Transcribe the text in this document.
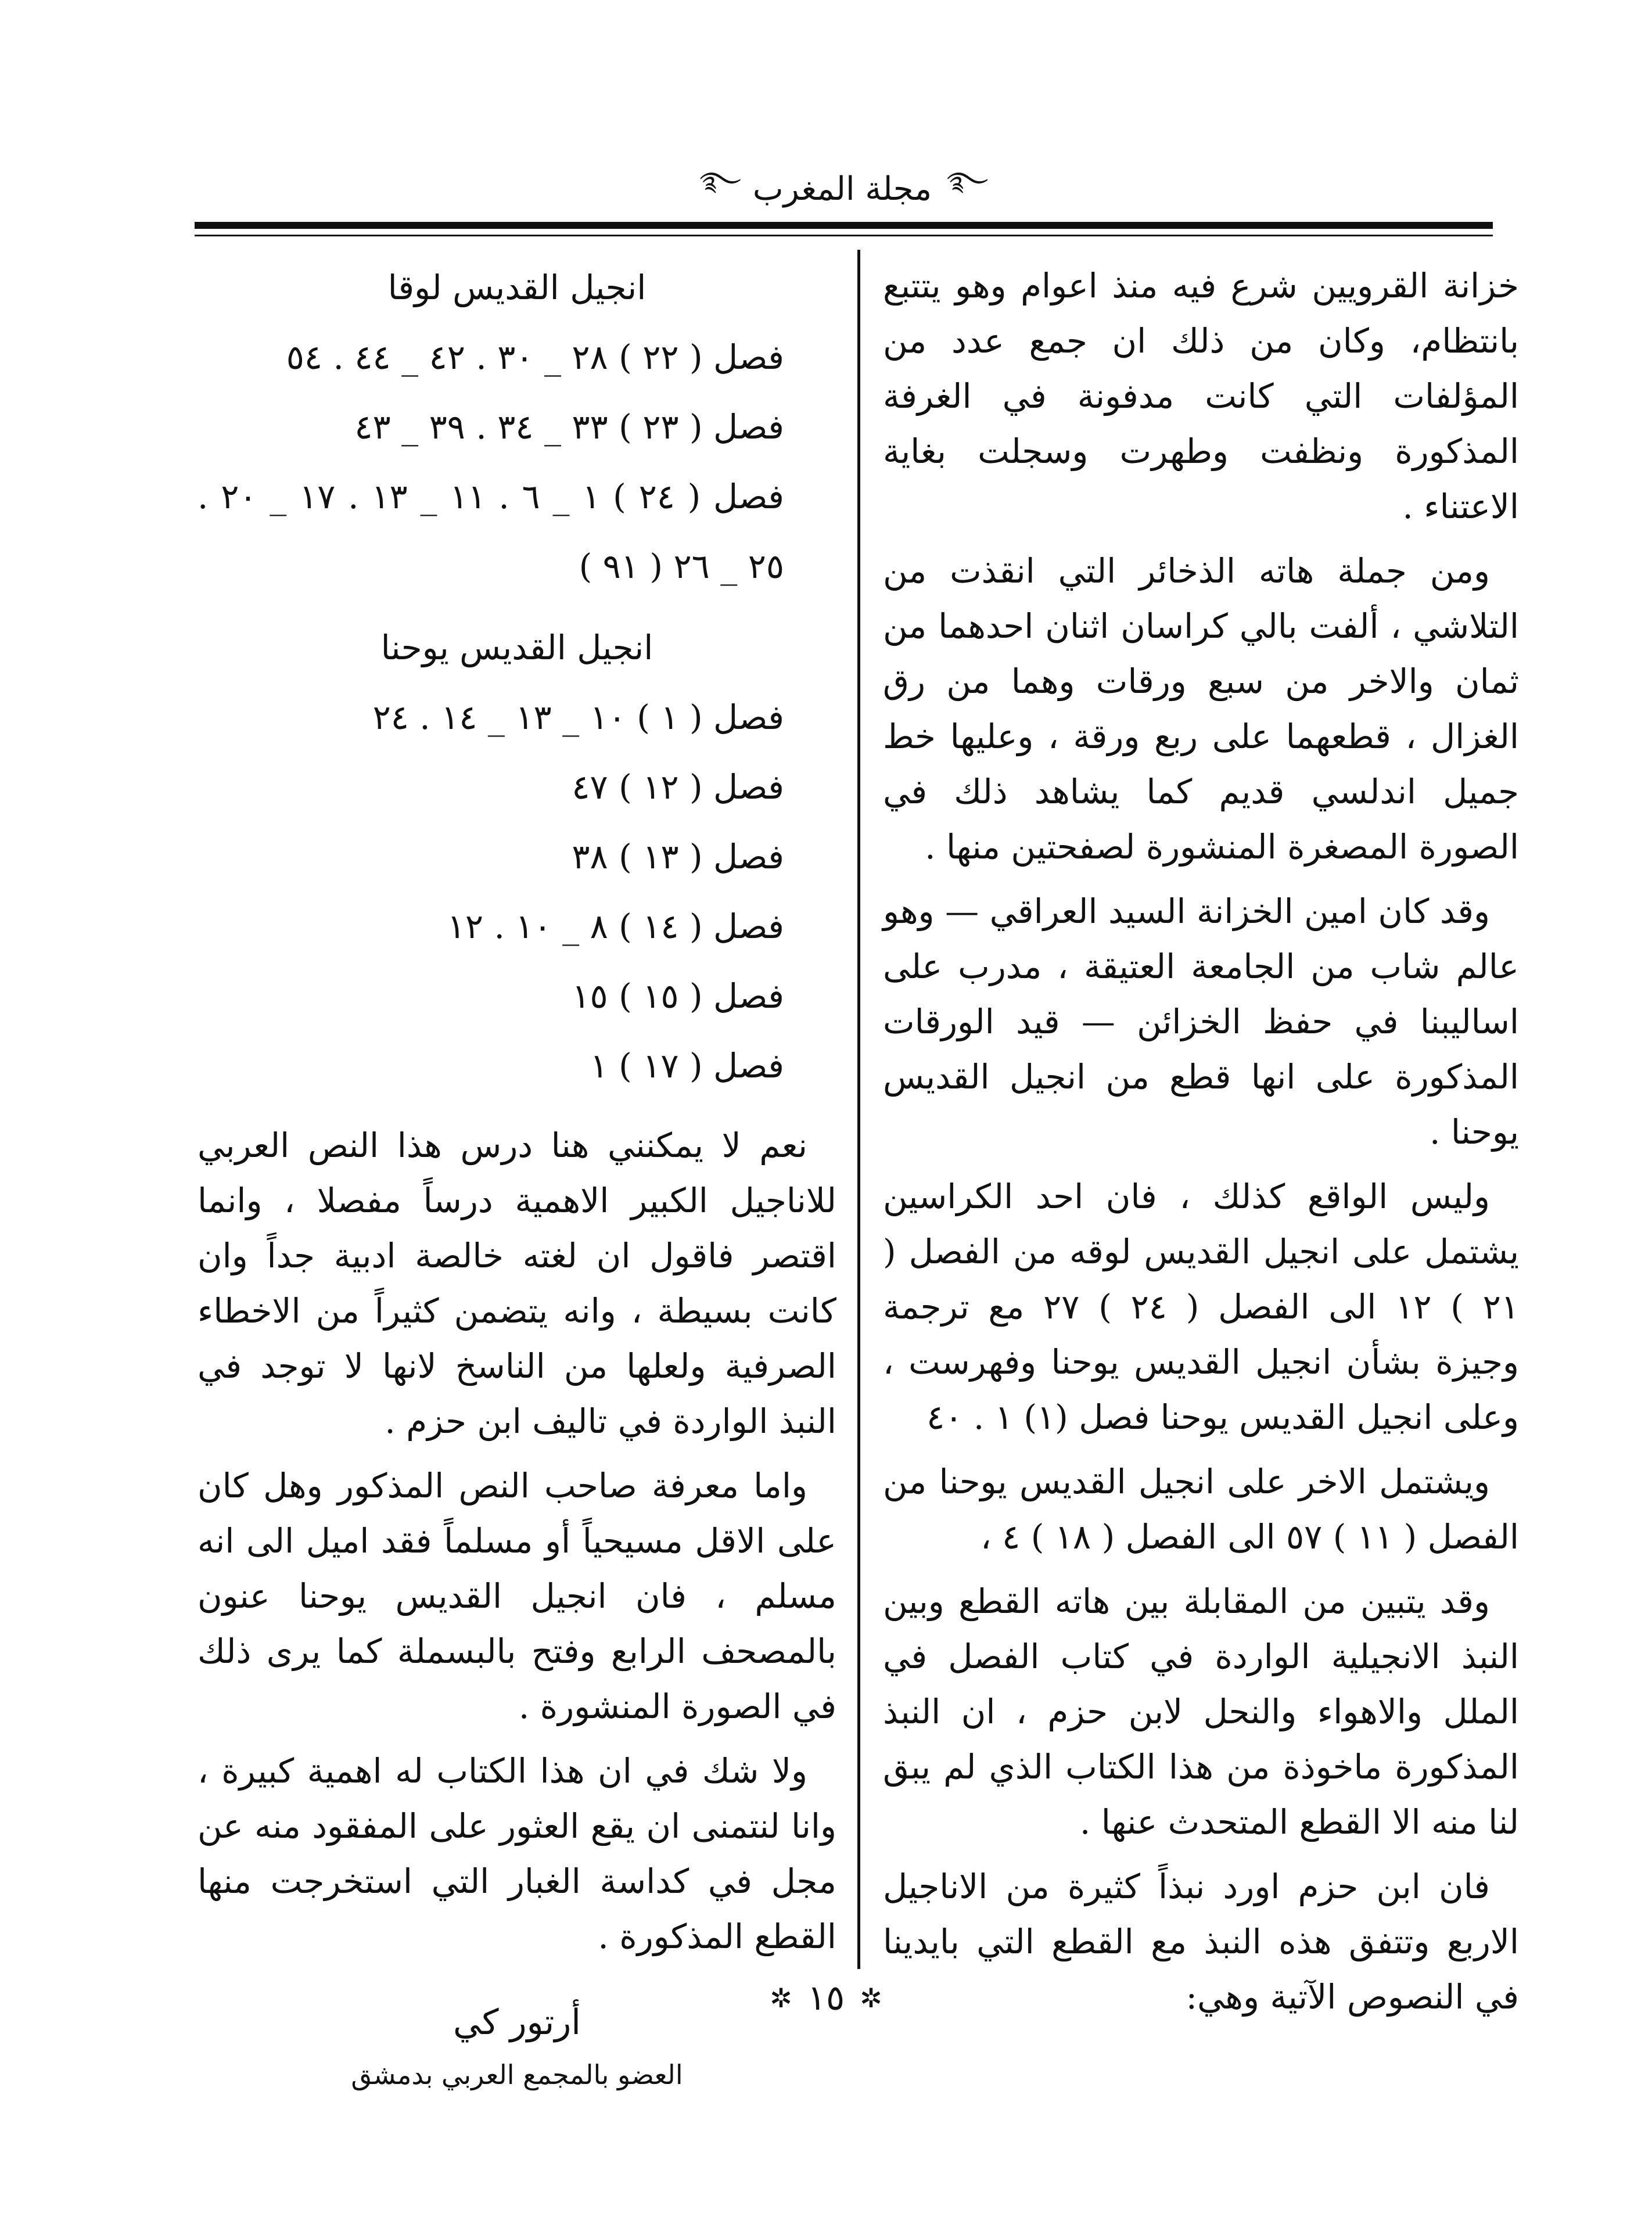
࿐
مجلة المغرب
࿐

خزانة القرويين شرع فيه منذ اعوام وهو يتتبع بانتظام، وكان من ذلك ان جمع عدد من المؤلفات التي كانت مدفونة في الغرفة المذكورة ونظفت وطهرت وسجلت بغاية الاعتناء .

ومن جملة هاته الذخائر التي انقذت من التلاشي ، ألفت بالي كراسان اثنان احدهما من ثمان والاخر من سبع ورقات وهما من رق الغزال ، قطعهما على ربع ورقة ، وعليها خط جميل اندلسي قديم كما يشاهد ذلك في الصورة المصغرة المنشورة لصفحتين منها .

وقد كان امين الخزانة السيد العراقي — وهو عالم شاب من الجامعة العتيقة ، مدرب على اساليبنا في حفظ الخزائن — قيد الورقات المذكورة على انها قطع من انجيل القديس يوحنا .

وليس الواقع كذلك ، فان احد الكراسين يشتمل على انجيل القديس لوقه من الفصل ( ٢١ ) ١٢ الى الفصل ( ٢٤ ) ٢٧ مع ترجمة وجيزة بشأن انجيل القديس يوحنا وفهرست ، وعلى انجيل القديس يوحنا فصل (١) ١ . ٤٠

ويشتمل الاخر على انجيل القديس يوحنا من الفصل ( ١١ ) ٥٧ الى الفصل ( ١٨ ) ٤ ،

وقد يتبين من المقابلة بين هاته القطع وبين النبذ الانجيلية الواردة في كتاب الفصل في الملل والاهواء والنحل لابن حزم ، ان النبذ المذكورة ماخوذة من هذا الكتاب الذي لم يبق لنا منه الا القطع المتحدث عنها .

فان ابن حزم اورد نبذاً كثيرة من الاناجيل الاربع وتتفق هذه النبذ مع القطع التي بايدينا في النصوص الآتية وهي:

انجيل القديس لوقا
فصل ( ٢٢ ) ٢٨ _ ٣٠ . ٤٢ _ ٤٤ . ٥٤
فصل ( ٢٣ ) ٣٣ _ ٣٤ . ٣٩ _ ٤٣
فصل ( ٢٤ ) ١ _ ٦ . ١١ _ ١٣ . ١٧ _ ٢٠ . ٢٥ _ ٢٦ ( ٩١ )
انجيل القديس يوحنا
فصل ( ١ ) ١٠ _ ١٣ _ ١٤ . ٢٤
فصل ( ١٢ ) ٤٧
فصل ( ١٣ ) ٣٨
فصل ( ١٤ ) ٨ _ ١٠ . ١٢
فصل ( ١٥ ) ١٥
فصل ( ١٧ ) ١

نعم لا يمكنني هنا درس هذا النص العربي للاناجيل الكبير الاهمية درساً مفصلا ، وانما اقتصر فاقول ان لغته خالصة ادبية جداً وان كانت بسيطة ، وانه يتضمن كثيراً من الاخطاء الصرفية ولعلها من الناسخ لانها لا توجد في النبذ الواردة في تاليف ابن حزم .

واما معرفة صاحب النص المذكور وهل كان على الاقل مسيحياً أو مسلماً فقد اميل الى انه مسلم ، فان انجيل القديس يوحنا عنون بالمصحف الرابع وفتح بالبسملة كما يرى ذلك في الصورة المنشورة .

ولا شك في ان هذا الكتاب له اهمية كبيرة ، وانا لنتمنى ان يقع العثور على المفقود منه عن مجل في كداسة الغبار التي استخرجت منها القطع المذكورة .

أرتور كي
العضو بالمجمع العربي بدمشق
✲
١٥
✲
